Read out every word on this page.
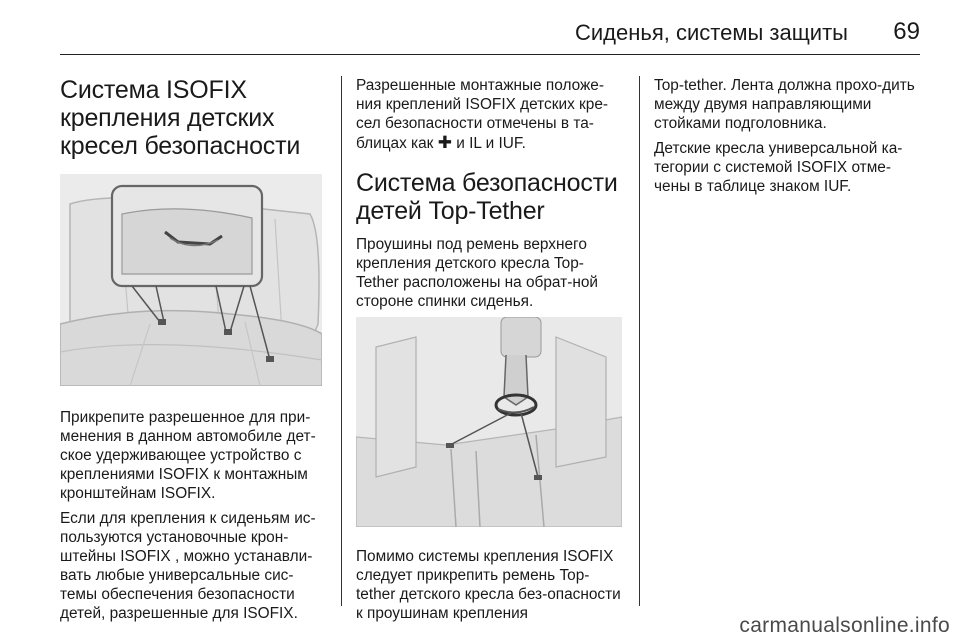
Сиденья, системы защиты 69
Система ISOFIX крепления детских кресел безопасности

Прикрепите разрешенное для при-менения в данном автомобиле дет-ское удерживающее устройство с креплениями ISOFIX к монтажным кронштейнам ISOFIX.

Если для крепления к сиденьям ис-пользуются установочные крон-штейны ISOFIX , можно устанавли-вать любые универсальные сис-темы обеспечения безопасности детей, разрешенные для ISOFIX.

Разрешенные монтажные положе-ния креплений ISOFIX детских кре-сел безопасности отмечены в та-блицах как ✚ и IL и IUF.

Система безопасности детей Top-Tether

Проушины под ремень верхнего крепления детского кресла Top-Tether расположены на обрат-ной стороне спинки сиденья.

Помимо системы крепления ISOFIX следует прикрепить ремень Top-tether детского кресла без-опасности к проушинам крепления

Top-tether. Лента должна прохо-дить между двумя направляющими стойками подголовника.

Детские кресла универсальной ка-тегории с системой ISOFIX отме-чены в таблице знаком IUF.

carmanualsonline.info
